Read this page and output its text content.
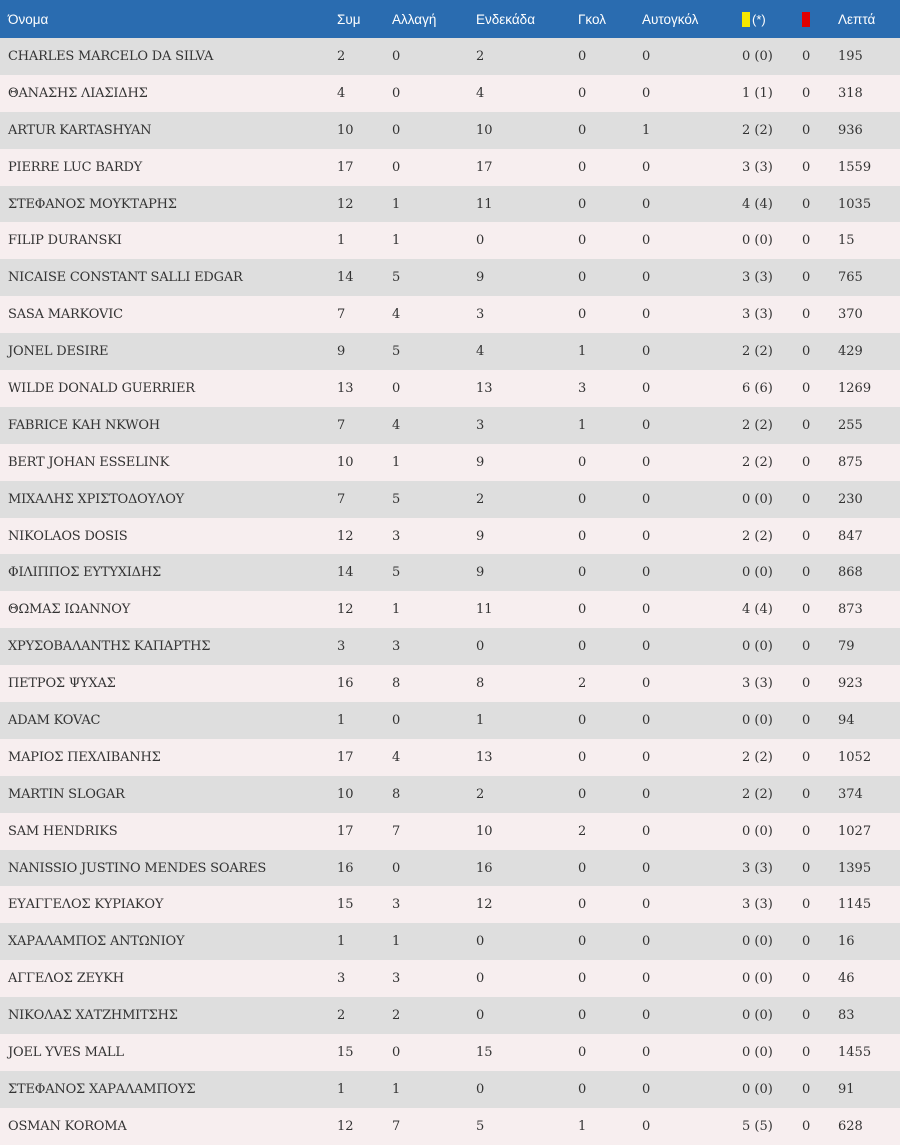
Όνομα	Συμ	Αλλαγή	Ενδεκάδα	Γκολ	Αυτογκόλ	(*)		Λεπτά
CHARLES MARCELO DA SILVA	2	0	2	0	0	0 (0)	0	195
ΘΑΝΑΣΗΣ ΛΙΑΣΙΔΗΣ	4	0	4	0	0	1 (1)	0	318
ARTUR KARTASHYAN	10	0	10	0	1	2 (2)	0	936
PIERRE LUC BARDY	17	0	17	0	0	3 (3)	0	1559
ΣΤΕΦΑΝΟΣ ΜΟΥΚΤΑΡΗΣ	12	1	11	0	0	4 (4)	0	1035
FILIP DURANSKI	1	1	0	0	0	0 (0)	0	15
NICAISE CONSTANT SALLI EDGAR	14	5	9	0	0	3 (3)	0	765
SASA MARKOVIC	7	4	3	0	0	3 (3)	0	370
JONEL DESIRE	9	5	4	1	0	2 (2)	0	429
WILDE DONALD GUERRIER	13	0	13	3	0	6 (6)	0	1269
FABRICE KAH NKWOH	7	4	3	1	0	2 (2)	0	255
BERT JOHAN ESSELINK	10	1	9	0	0	2 (2)	0	875
ΜΙΧΑΛΗΣ ΧΡΙΣΤΟΔΟΥΛΟΥ	7	5	2	0	0	0 (0)	0	230
NIKOLAOS DOSIS	12	3	9	0	0	2 (2)	0	847
ΦΙΛΙΠΠΟΣ ΕΥΤΥΧΙΔΗΣ	14	5	9	0	0	0 (0)	0	868
ΘΩΜΑΣ ΙΩΑΝΝΟΥ	12	1	11	0	0	4 (4)	0	873
ΧΡΥΣΟΒΑΛΑΝΤΗΣ ΚΑΠΑΡΤΗΣ	3	3	0	0	0	0 (0)	0	79
ΠΕΤΡΟΣ ΨΥΧΑΣ	16	8	8	2	0	3 (3)	0	923
ADAM KOVAC	1	0	1	0	0	0 (0)	0	94
ΜΑΡΙΟΣ ΠΕΧΛΙΒΑΝΗΣ	17	4	13	0	0	2 (2)	0	1052
MARTIN SLOGAR	10	8	2	0	0	2 (2)	0	374
SAM HENDRIKS	17	7	10	2	0	0 (0)	0	1027
NANISSIO JUSTINO MENDES SOARES	16	0	16	0	0	3 (3)	0	1395
ΕΥΑΓΓΕΛΟΣ ΚΥΡΙΑΚΟΥ	15	3	12	0	0	3 (3)	0	1145
ΧΑΡΑΛΑΜΠΟΣ ΑΝΤΩΝΙΟΥ	1	1	0	0	0	0 (0)	0	16
ΑΓΓΕΛΟΣ ΖΕΥΚΗ	3	3	0	0	0	0 (0)	0	46
ΝΙΚΟΛΑΣ ΧΑΤΖΗΜΙΤΣΗΣ	2	2	0	0	0	0 (0)	0	83
JOEL YVES MALL	15	0	15	0	0	0 (0)	0	1455
ΣΤΕΦΑΝΟΣ ΧΑΡΑΛΑΜΠΟΥΣ	1	1	0	0	0	0 (0)	0	91
OSMAN KOROMA	12	7	5	1	0	5 (5)	0	628
